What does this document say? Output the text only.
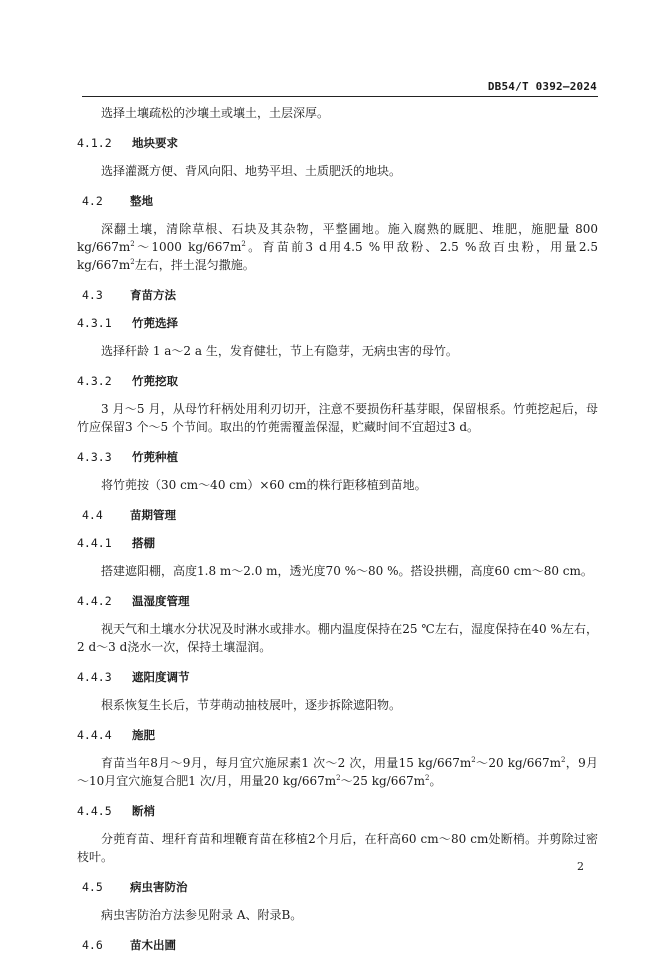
DB54/T 0392—2024

选择土壤疏松的沙壤土或壤土，土层深厚。

4.1.2 地块要求

选择灌溉方便、背风向阳、地势平坦、土质肥沃的地块。

4.2 整地

深翻土壤，清除草根、石块及其杂物，平整圃地。施入腐熟的厩肥、堆肥，施肥量 800 $kg/667m^2\sim 1000$ $kg/667m^2$。育苗前3 d用4.5 %甲敌粉、2.5 %敌百虫粉，用量2.5 $kg/667m^2$左右，拌土混匀撒施。

4.3 育苗方法
4.3.1 竹蔸选择

选择秆龄 1 a～2 a 生，发育健壮，节上有隐芽，无病虫害的母竹。

4.3.2 竹蔸挖取

3 月～5 月，从母竹秆柄处用利刃切开，注意不要损伤秆基芽眼，保留根系。竹蔸挖起后，母竹应保留3 个～5 个节间。取出的竹蔸需覆盖保湿，贮藏时间不宜超过3 d。

4.3.3 竹蔸种植

将竹蔸按（30 cm～40 cm）×60 cm的株行距移植到苗地。

4.4 苗期管理
4.4.1 搭棚

搭建遮阳棚，高度1.8 m～2.0 m，透光度70 %～80 %。搭设拱棚，高度60 cm～80 cm。

4.4.2 温湿度管理

视天气和土壤水分状况及时淋水或排水。棚内温度保持在25 ℃左右，湿度保持在40 %左右，2 d～3 d浇水一次，保持土壤湿润。

4.4.3 遮阳度调节

根系恢复生长后，节芽萌动抽枝展叶，逐步拆除遮阳物。

4.4.4 施肥

育苗当年8月～9月，每月宜穴施尿素1 次～2 次，用量15 $kg/667m^2\sim 20$ $kg/667m^2$，9月～10月宜穴施复合肥1 次/月，用量20 $kg/667m^2\sim 25$ $kg/667m^2$。

4.4.5 断梢

分蔸育苗、埋秆育苗和埋鞭育苗在移植2个月后，在秆高60 cm～80 cm处断梢。并剪除过密枝叶。

4.5 病虫害防治

病虫害防治方法参见附录 A、附录B。

4.6 苗木出圃
2
